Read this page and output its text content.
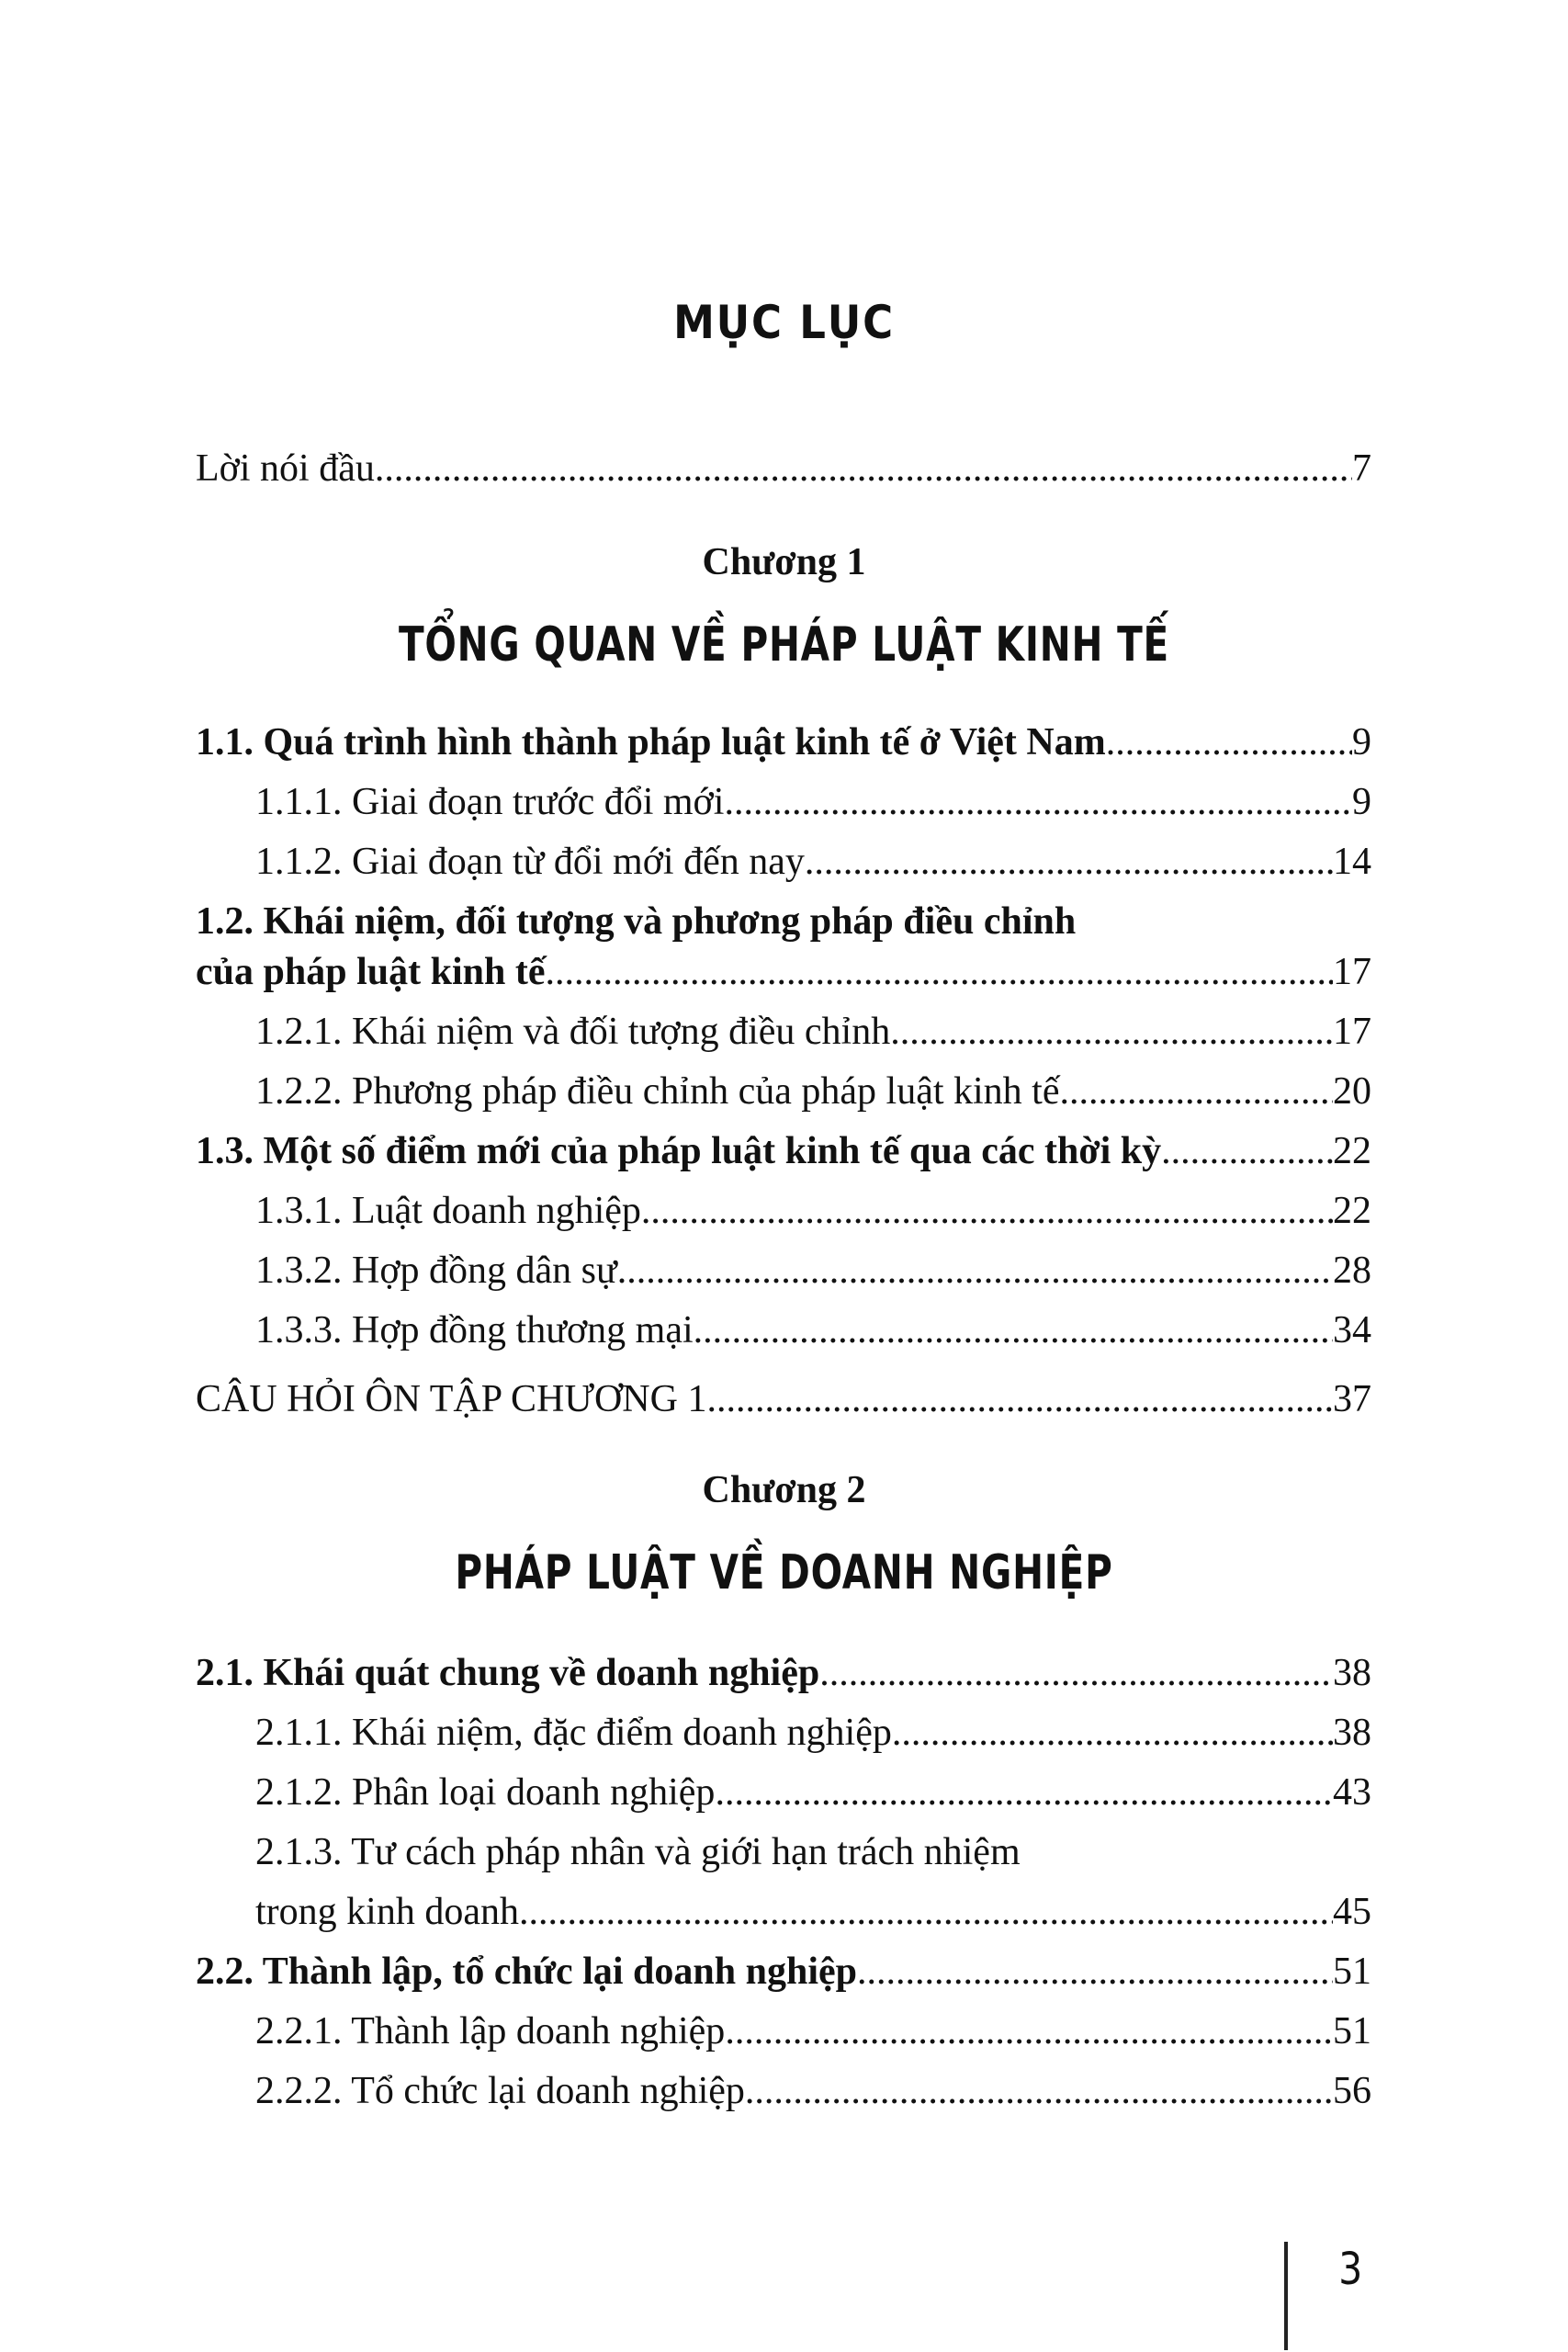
MỤC LỤC
Lời nói đầu .....	7
Chương 1
TỔNG QUAN VỀ PHÁP LUẬT KINH TẾ
1.1. Quá trình hình thành pháp luật kinh tế ở Việt Nam .....	9
1.1.1. Giai đoạn trước đổi mới .....	9
1.1.2. Giai đoạn từ đổi mới đến nay .....	14
1.2. Khái niệm, đối tượng và phương pháp điều chỉnh
của pháp luật kinh tế .....	17
1.2.1. Khái niệm và đối tượng điều chỉnh .....	17
1.2.2. Phương pháp điều chỉnh của pháp luật kinh tế .....	20
1.3. Một số điểm mới của pháp luật kinh tế qua các thời kỳ .....	22
1.3.1. Luật doanh nghiệp .....	22
1.3.2. Hợp đồng dân sự .....	28
1.3.3. Hợp đồng thương mại .....	34
CÂU HỎI ÔN TẬP CHƯƠNG 1 .....	37
Chương 2
PHÁP LUẬT VỀ DOANH NGHIỆP
2.1. Khái quát chung về doanh nghiệp .....	38
2.1.1. Khái niệm, đặc điểm doanh nghiệp .....	38
2.1.2. Phân loại doanh nghiệp .....	43
2.1.3. Tư cách pháp nhân và giới hạn trách nhiệm
trong kinh doanh .....	45
2.2. Thành lập, tổ chức lại doanh nghiệp .....	51
2.2.1. Thành lập doanh nghiệp .....	51
2.2.2. Tổ chức lại doanh nghiệp .....	56
3
